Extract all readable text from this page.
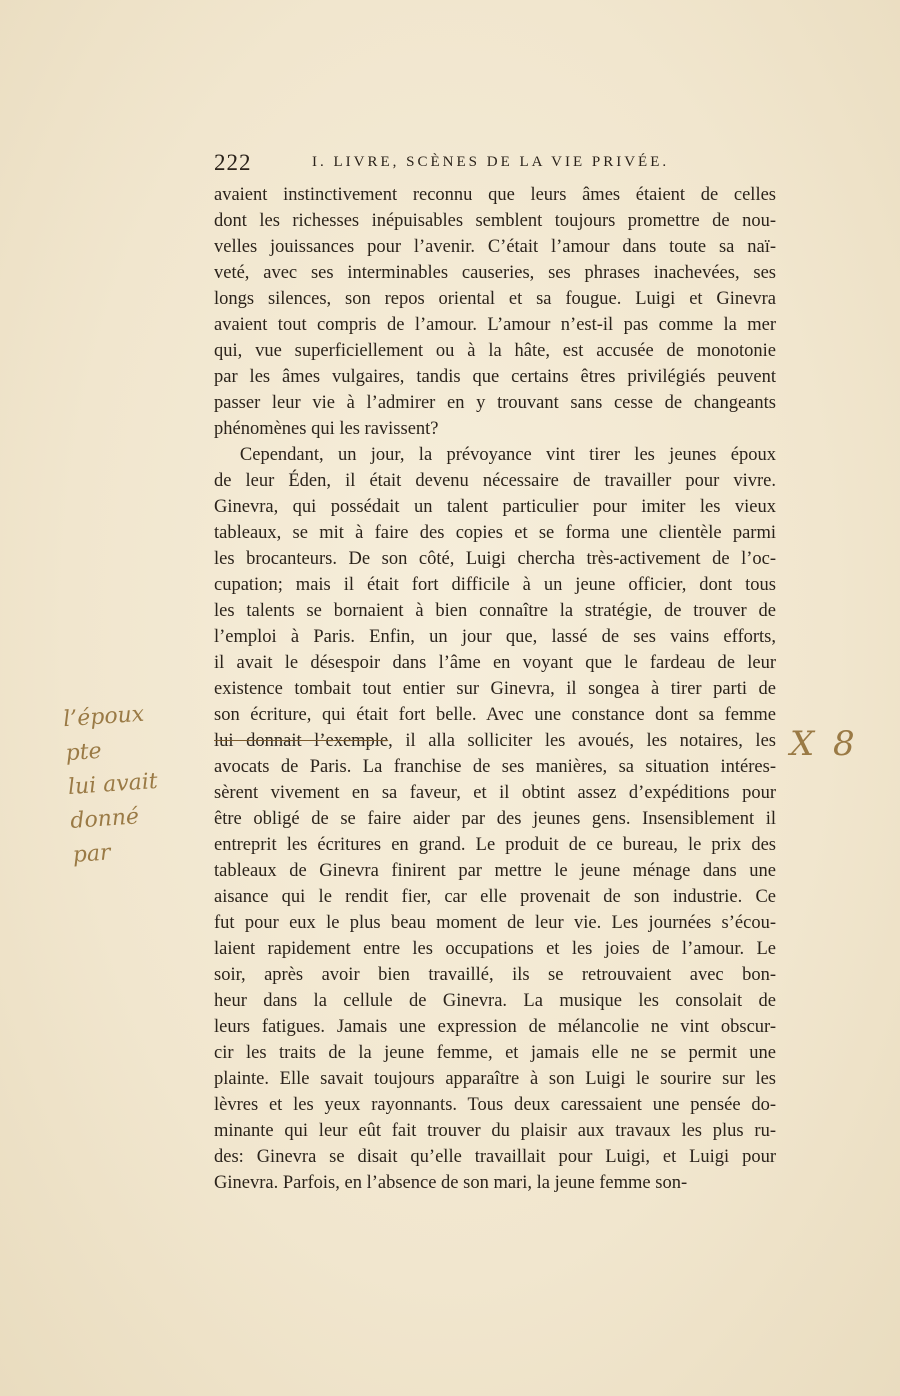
222	I. LIVRE, SCÈNES DE LA VIE PRIVÉE.
avaient instinctivement reconnu que leurs âmes étaient de celles
dont les richesses inépuisables semblent toujours promettre de nou-
velles jouissances pour l’avenir. C’était l’amour dans toute sa naï-
veté, avec ses interminables causeries, ses phrases inachevées, ses
longs silences, son repos oriental et sa fougue. Luigi et Ginevra
avaient tout compris de l’amour. L’amour n’est-il pas comme la mer
qui, vue superficiellement ou à la hâte, est accusée de monotonie
par les âmes vulgaires, tandis que certains êtres privilégiés peuvent
passer leur vie à l’admirer en y trouvant sans cesse de changeants
phénomènes qui les ravissent?
Cependant, un jour, la prévoyance vint tirer les jeunes époux
de leur Éden, il était devenu nécessaire de travailler pour vivre.
Ginevra, qui possédait un talent particulier pour imiter les vieux
tableaux, se mit à faire des copies et se forma une clientèle parmi
les brocanteurs. De son côté, Luigi chercha très-activement de l’oc-
cupation; mais il était fort difficile à un jeune officier, dont tous
les talents se bornaient à bien connaître la stratégie, de trouver de
l’emploi à Paris. Enfin, un jour que, lassé de ses vains efforts,
il avait le désespoir dans l’âme en voyant que le fardeau de leur
existence tombait tout entier sur Ginevra, il songea à tirer parti de
son écriture, qui était fort belle. Avec une constance dont sa femme
lui donnait l’exemple, il alla solliciter les avoués, les notaires, les
avocats de Paris. La franchise de ses manières, sa situation intéres-
sèrent vivement en sa faveur, et il obtint assez d’expéditions pour
être obligé de se faire aider par des jeunes gens. Insensiblement il
entreprit les écritures en grand. Le produit de ce bureau, le prix des
tableaux de Ginevra finirent par mettre le jeune ménage dans une
aisance qui le rendit fier, car elle provenait de son industrie. Ce
fut pour eux le plus beau moment de leur vie. Les journées s’écou-
laient rapidement entre les occupations et les joies de l’amour. Le
soir, après avoir bien travaillé, ils se retrouvaient avec bon-
heur dans la cellule de Ginevra. La musique les consolait de
leurs fatigues. Jamais une expression de mélancolie ne vint obscur-
cir les traits de la jeune femme, et jamais elle ne se permit une
plainte. Elle savait toujours apparaître à son Luigi le sourire sur les
lèvres et les yeux rayonnants. Tous deux caressaient une pensée do-
minante qui leur eût fait trouver du plaisir aux travaux les plus ru-
des: Ginevra se disait qu’elle travaillait pour Luigi, et Luigi pour
Ginevra. Parfois, en l’absence de son mari, la jeune femme son-
l’époux
pte
lui avait
donné
par
X 8
